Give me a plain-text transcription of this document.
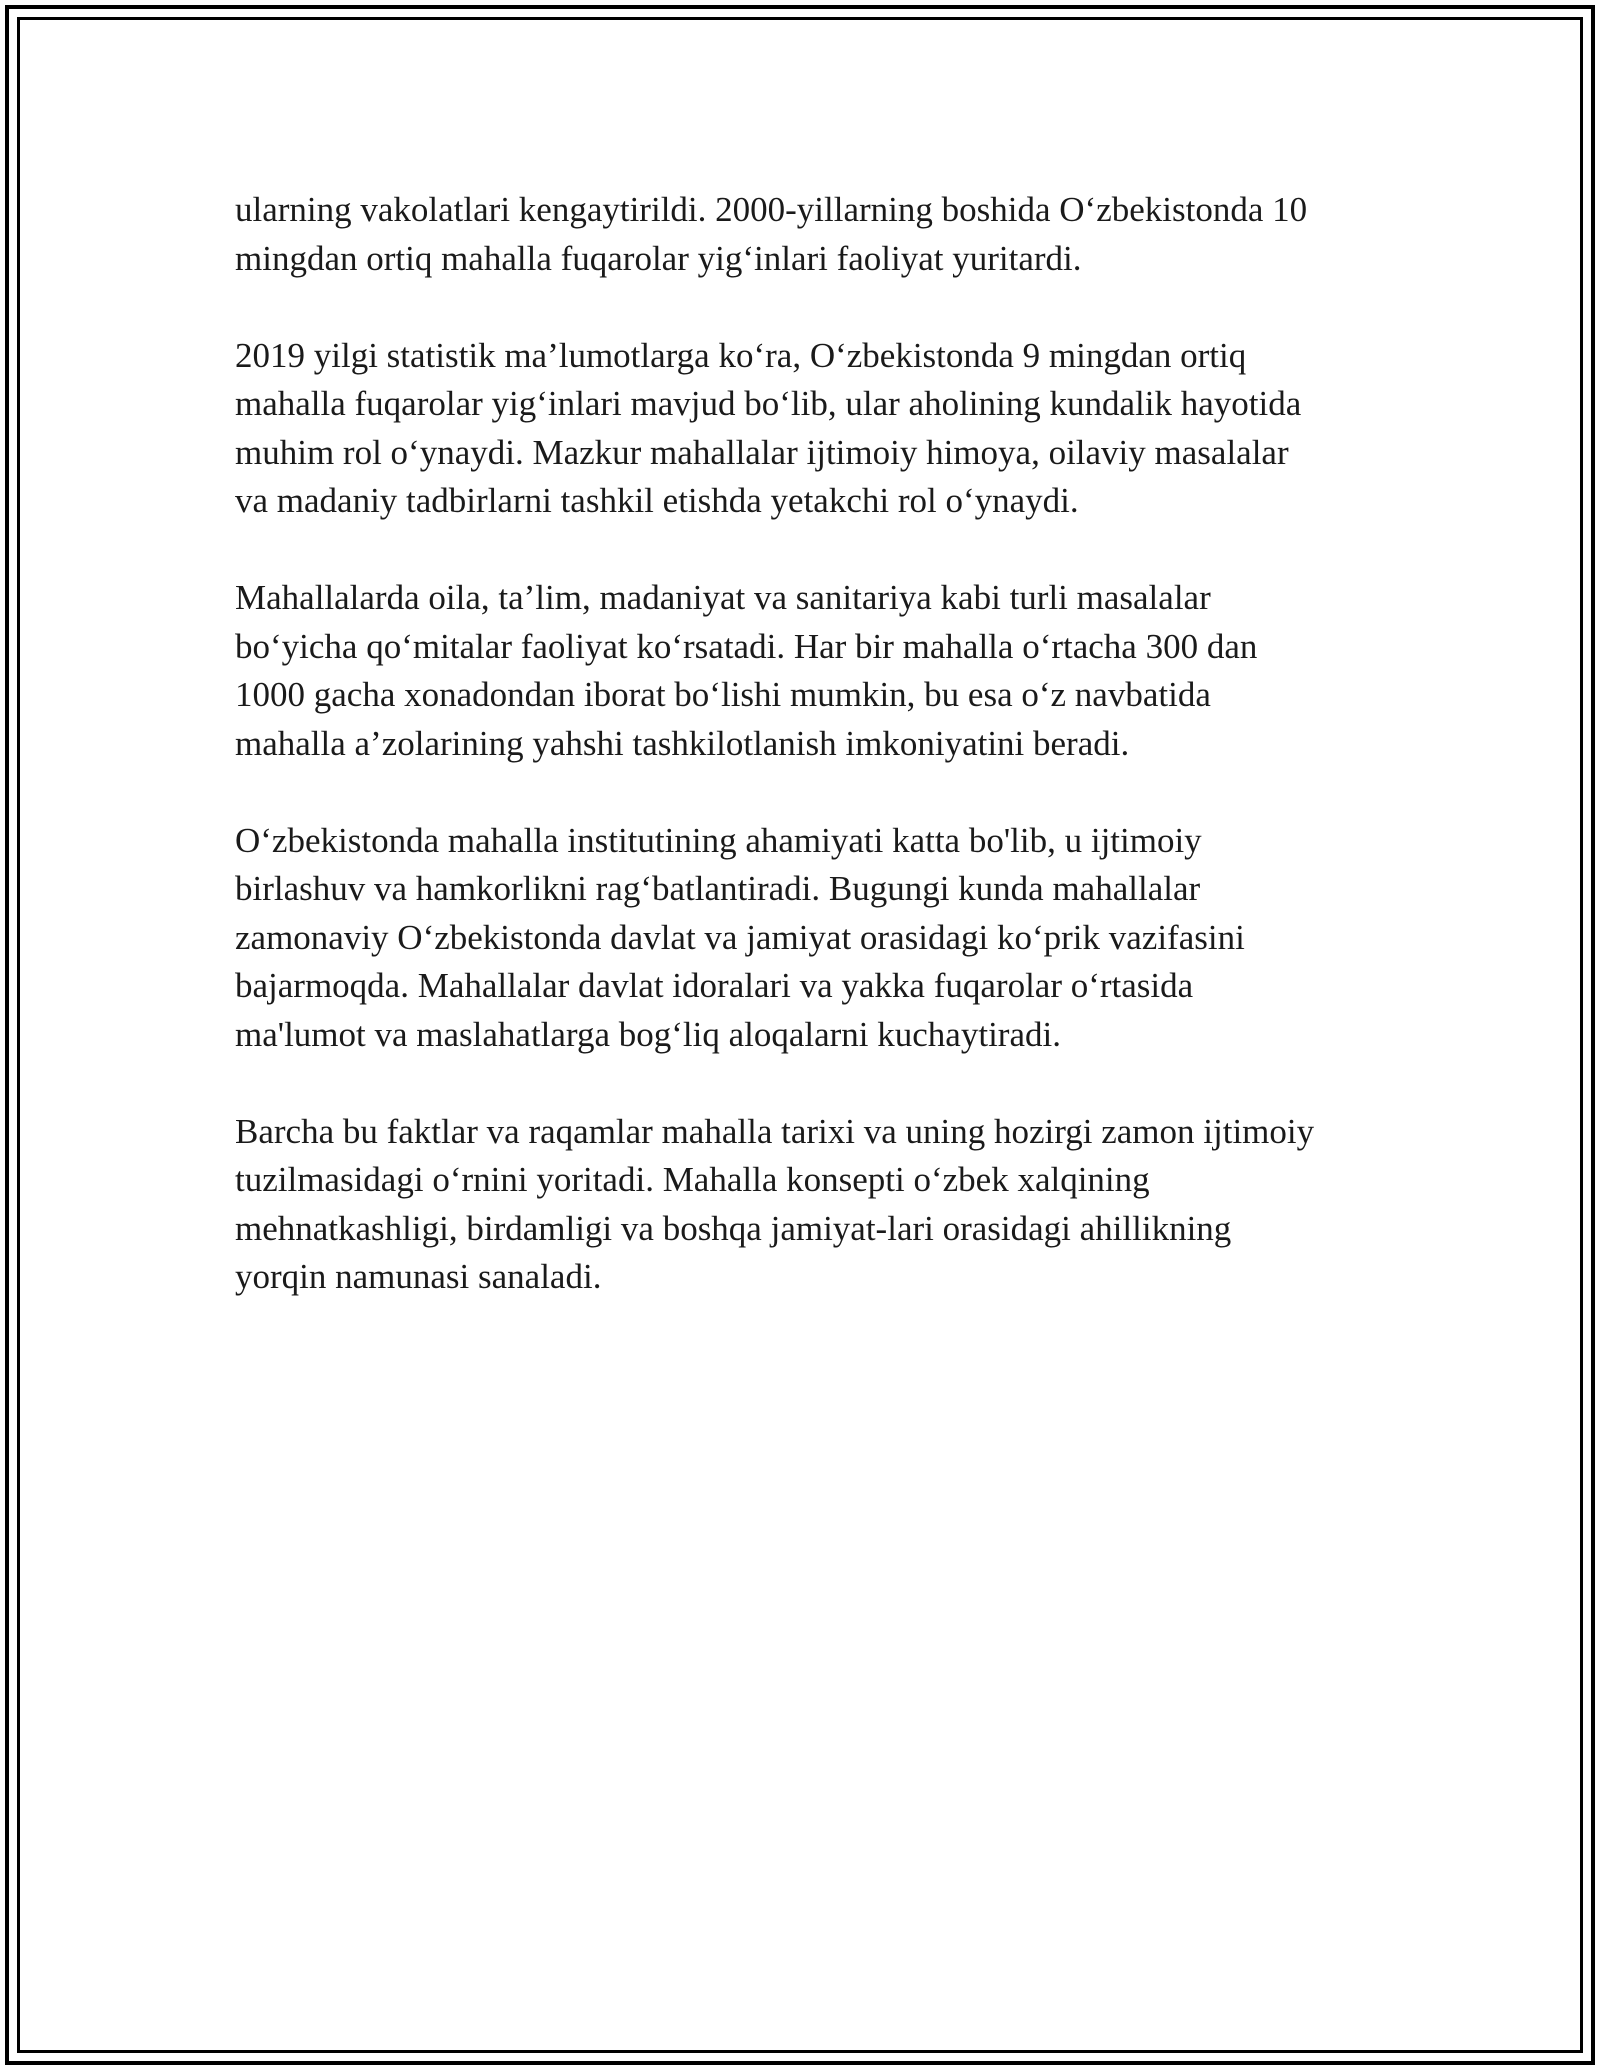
ularning vakolatlari kengaytirildi. 2000-yillarning boshida O‘zbekistonda 10
mingdan ortiq mahalla fuqarolar yig‘inlari faoliyat yuritardi.

2019 yilgi statistik ma’lumotlarga ko‘ra, O‘zbekistonda 9 mingdan ortiq
mahalla fuqarolar yig‘inlari mavjud bo‘lib, ular aholining kundalik hayotida
muhim rol o‘ynaydi. Mazkur mahallalar ijtimoiy himoya, oilaviy masalalar
va madaniy tadbirlarni tashkil etishda yetakchi rol o‘ynaydi.

Mahallalarda oila, ta’lim, madaniyat va sanitariya kabi turli masalalar
bo‘yicha qo‘mitalar faoliyat ko‘rsatadi. Har bir mahalla o‘rtacha 300 dan
1000 gacha xonadondan iborat bo‘lishi mumkin, bu esa o‘z navbatida
mahalla a’zolarining yahshi tashkilotlanish imkoniyatini beradi.

O‘zbekistonda mahalla institutining ahamiyati katta bo'lib, u ijtimoiy
birlashuv va hamkorlikni rag‘batlantiradi. Bugungi kunda mahallalar
zamonaviy O‘zbekistonda davlat va jamiyat orasidagi ko‘prik vazifasini
bajarmoqda. Mahallalar davlat idoralari va yakka fuqarolar o‘rtasida
ma'lumot va maslahatlarga bog‘liq aloqalarni kuchaytiradi.

Barcha bu faktlar va raqamlar mahalla tarixi va uning hozirgi zamon ijtimoiy
tuzilmasidagi o‘rnini yoritadi. Mahalla konsepti o‘zbek xalqining
mehnatkashligi, birdamligi va boshqa jamiyat-lari orasidagi ahillikning
yorqin namunasi sanaladi.
